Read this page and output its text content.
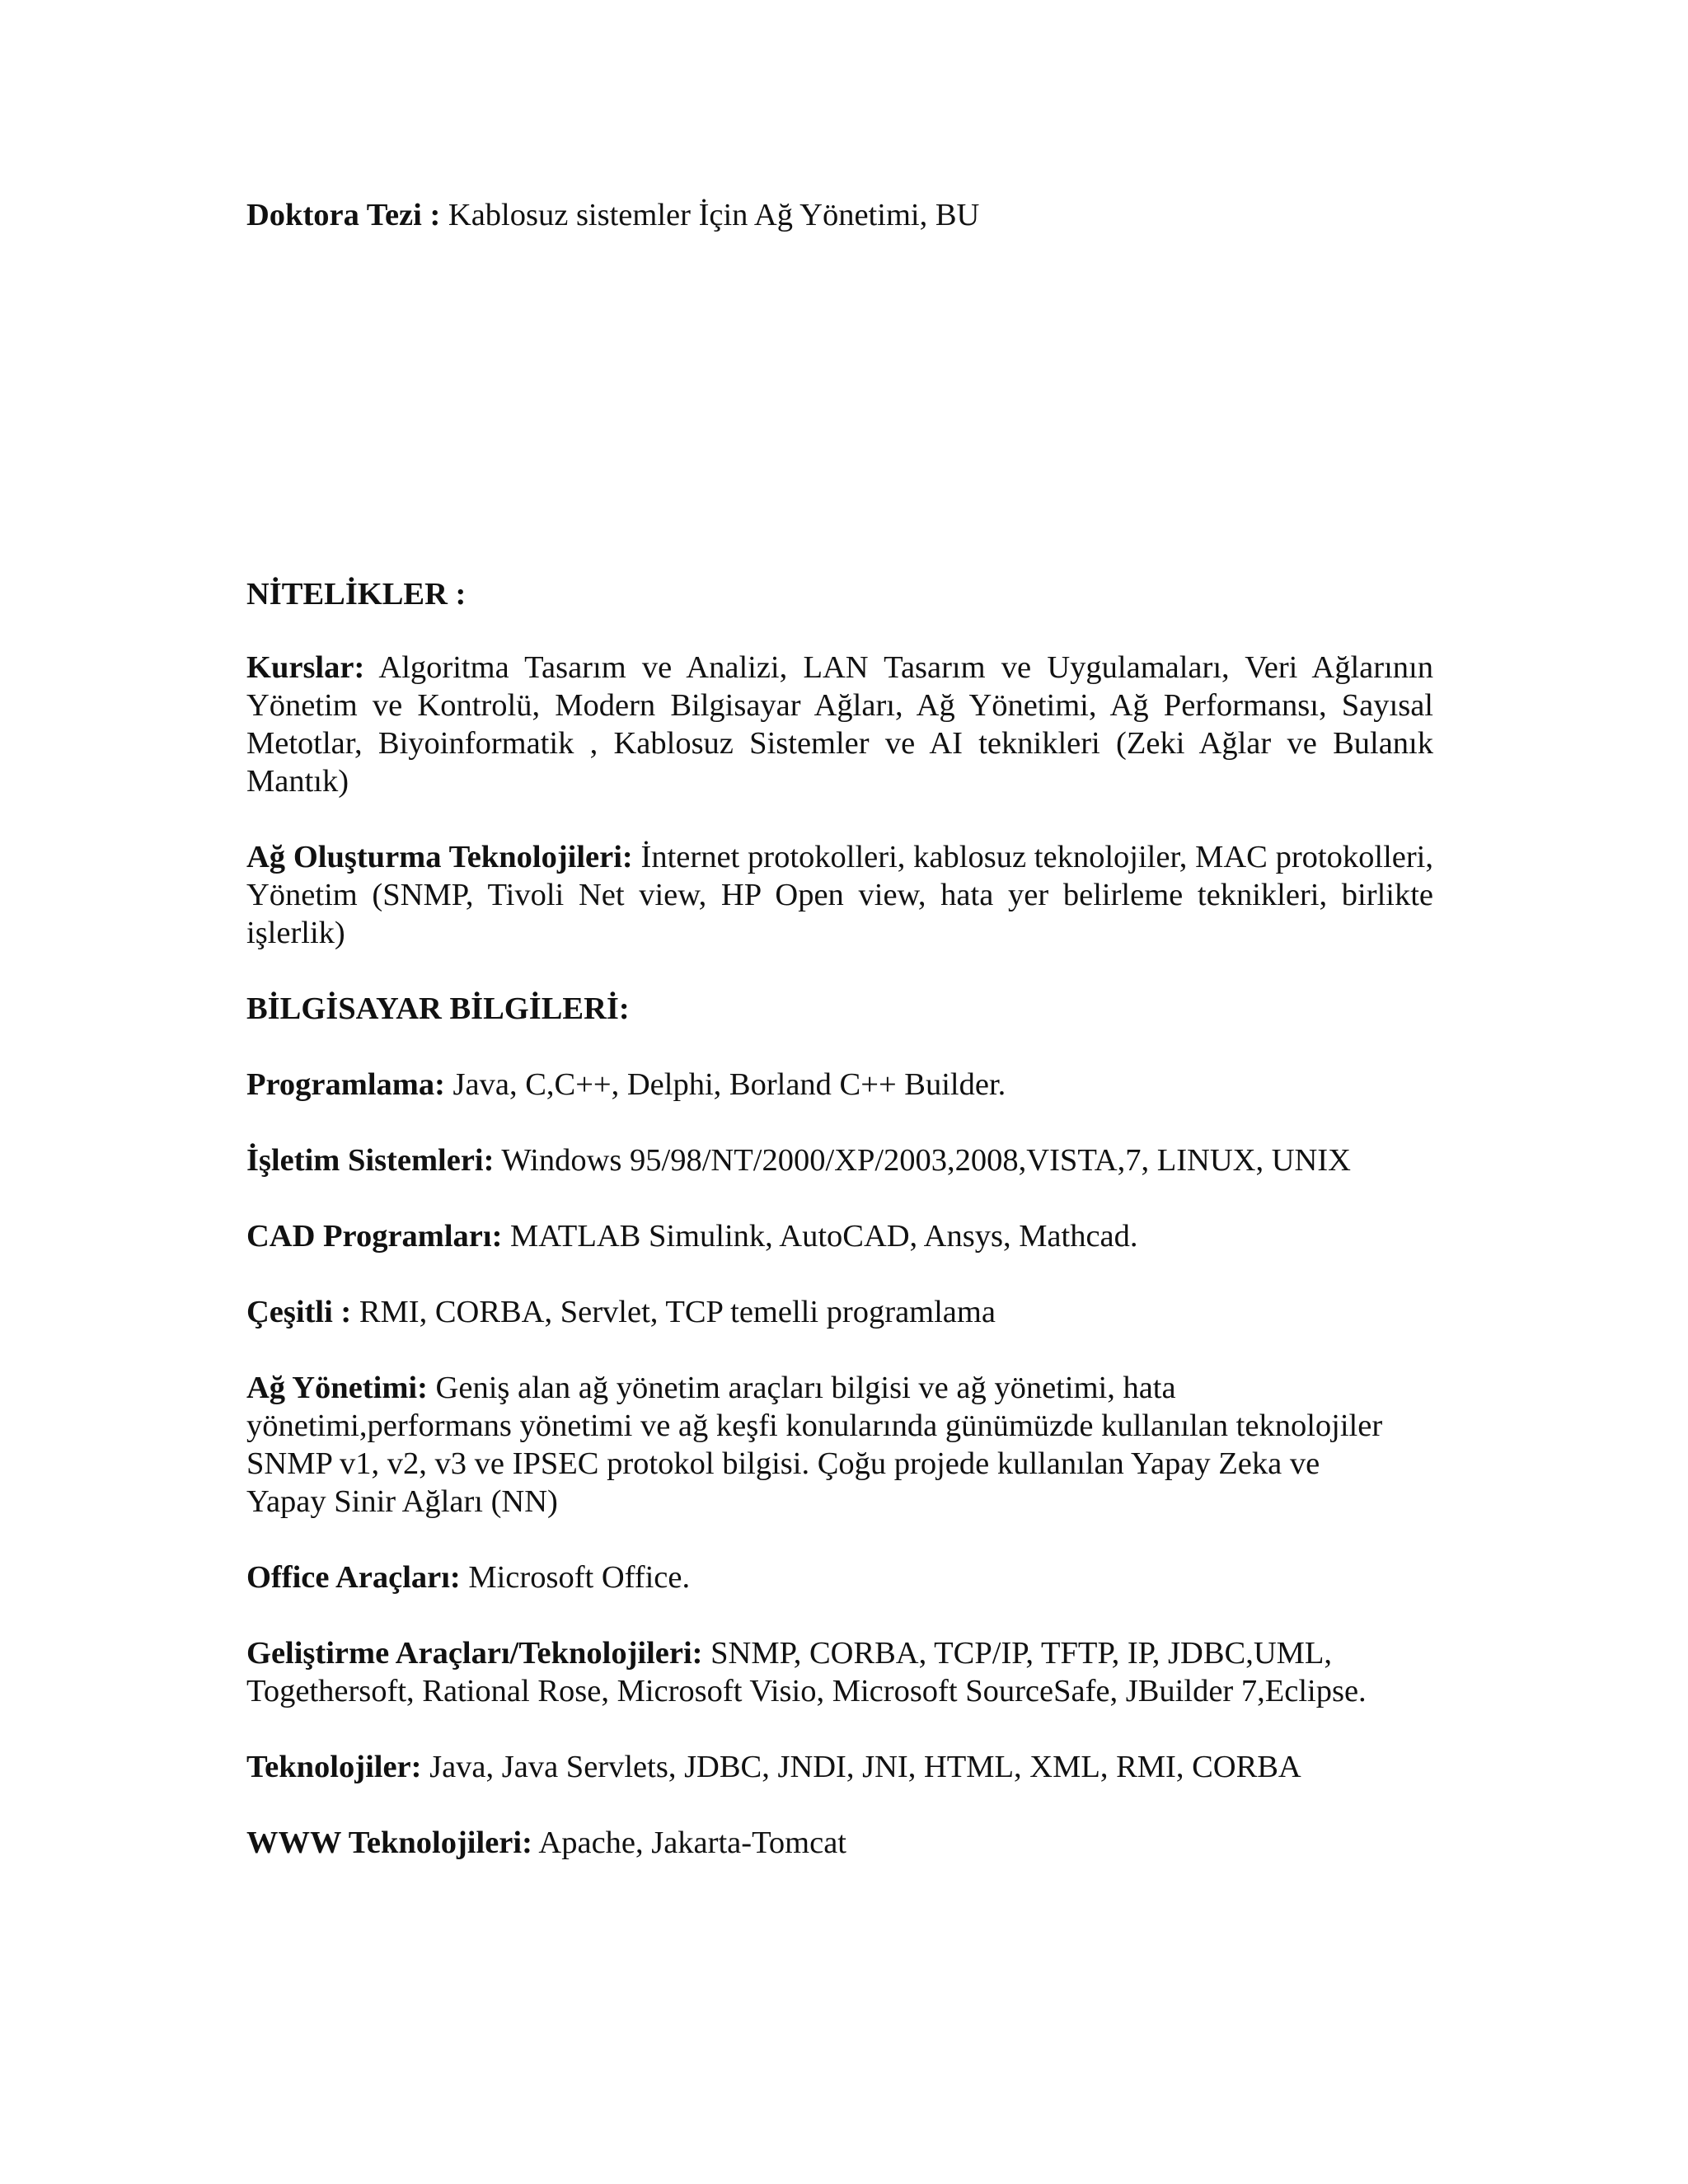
Doktora Tezi : Kablosuz sistemler İçin Ağ Yönetimi, BU

NİTELİKLER :

Kurslar: Algoritma Tasarım ve Analizi, LAN Tasarım ve Uygulamaları, Veri Ağlarının Yönetim ve Kontrolü, Modern Bilgisayar Ağları, Ağ Yönetimi, Ağ Performansı, Sayısal Metotlar, Biyoinformatik , Kablosuz Sistemler ve AI teknikleri (Zeki Ağlar ve Bulanık Mantık)

Ağ Oluşturma Teknolojileri: İnternet protokolleri, kablosuz teknolojiler, MAC protokolleri, Yönetim (SNMP, Tivoli Net view, HP Open view, hata yer belirleme teknikleri, birlikte işlerlik)

BİLGİSAYAR BİLGİLERİ:

Programlama: Java, C,C++, Delphi, Borland C++ Builder.

İşletim Sistemleri: Windows 95/98/NT/2000/XP/2003,2008,VISTA,7, LINUX, UNIX

CAD Programları: MATLAB Simulink, AutoCAD, Ansys, Mathcad.

Çeşitli : RMI, CORBA, Servlet, TCP temelli programlama

Ağ Yönetimi: Geniş alan ağ yönetim araçları bilgisi ve ağ yönetimi, hata
yönetimi,performans yönetimi ve ağ keşfi konularında günümüzde kullanılan teknolojiler
SNMP v1, v2, v3 ve IPSEC protokol bilgisi. Çoğu projede kullanılan Yapay Zeka ve
Yapay Sinir Ağları (NN)

Office Araçları: Microsoft Office.

Geliştirme Araçları/Teknolojileri: SNMP, CORBA, TCP/IP, TFTP, IP, JDBC,UML,
Togethersoft, Rational Rose, Microsoft Visio, Microsoft SourceSafe, JBuilder 7,Eclipse.

Teknolojiler: Java, Java Servlets, JDBC, JNDI, JNI, HTML, XML, RMI, CORBA

WWW Teknolojileri: Apache, Jakarta-Tomcat
